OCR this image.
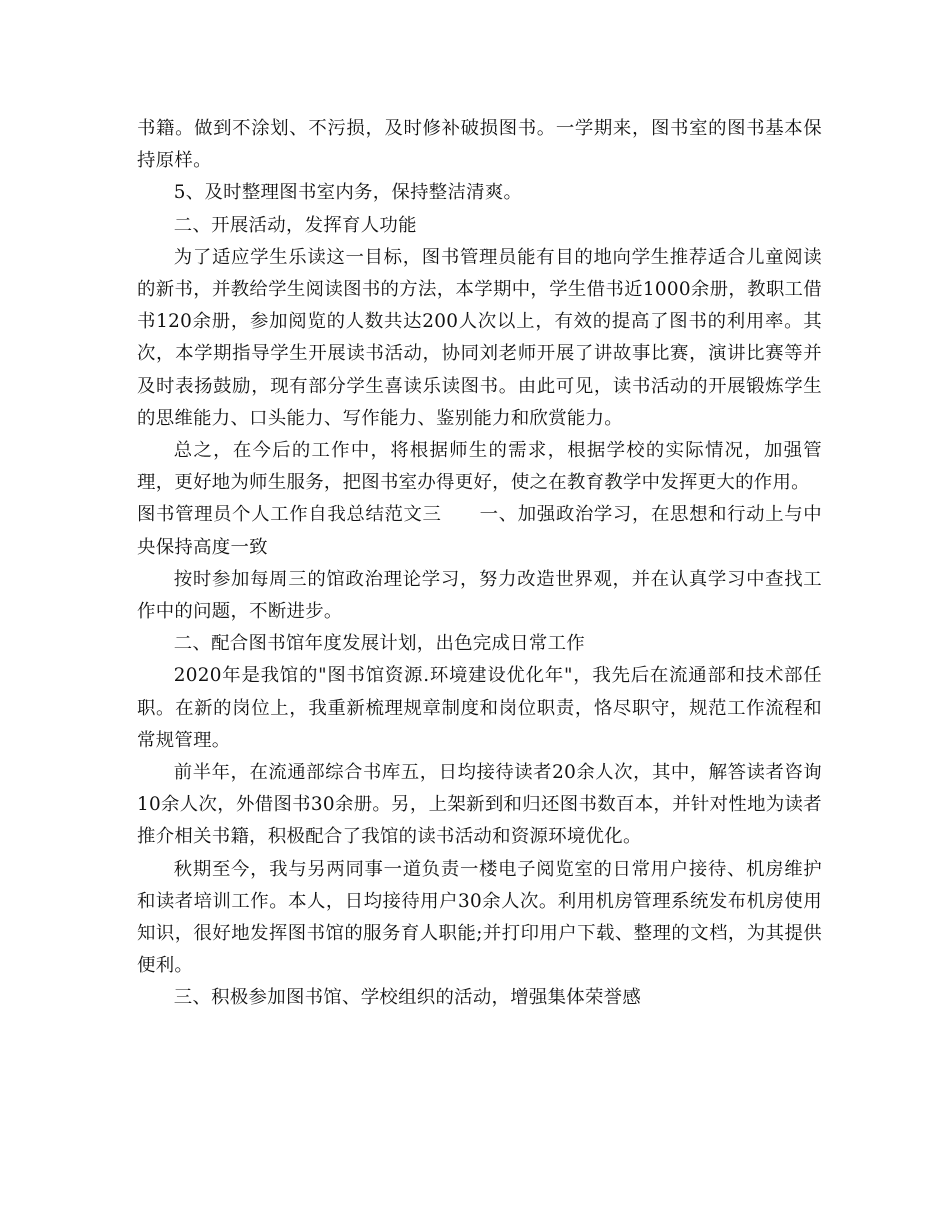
书籍。做到不涂划、不污损，及时修补破损图书。一学期来，图书室的图书基本保持原样。

5、及时整理图书室内务，保持整洁清爽。

二、开展活动，发挥育人功能

为了适应学生乐读这一目标，图书管理员能有目的地向学生推荐适合儿童阅读的新书，并教给学生阅读图书的方法，本学期中，学生借书近1000余册，教职工借书120余册，参加阅览的人数共达200人次以上，有效的提高了图书的利用率。其次，本学期指导学生开展读书活动，协同刘老师开展了讲故事比赛，演讲比赛等并及时表扬鼓励，现有部分学生喜读乐读图书。由此可见，读书活动的开展锻炼学生的思维能力、口头能力、写作能力、鉴别能力和欣赏能力。

总之，在今后的工作中，将根据师生的需求，根据学校的实际情况，加强管理，更好地为师生服务，把图书室办得更好，使之在教育教学中发挥更大的作用。

图书管理员个人工作自我总结范文三　　一、加强政治学习，在思想和行动上与中央保持高度一致

按时参加每周三的馆政治理论学习，努力改造世界观，并在认真学习中查找工作中的问题，不断进步。

二、配合图书馆年度发展计划，出色完成日常工作

2020年是我馆的"图书馆资源.环境建设优化年"，我先后在流通部和技术部任职。在新的岗位上，我重新梳理规章制度和岗位职责，恪尽职守，规范工作流程和常规管理。

前半年，在流通部综合书库五，日均接待读者20余人次，其中，解答读者咨询10余人次，外借图书30余册。另，上架新到和归还图书数百本，并针对性地为读者推介相关书籍，积极配合了我馆的读书活动和资源环境优化。

秋期至今，我与另两同事一道负责一楼电子阅览室的日常用户接待、机房维护和读者培训工作。本人，日均接待用户30余人次。利用机房管理系统发布机房使用知识，很好地发挥图书馆的服务育人职能;并打印用户下载、整理的文档，为其提供便利。

三、积极参加图书馆、学校组织的活动，增强集体荣誉感
